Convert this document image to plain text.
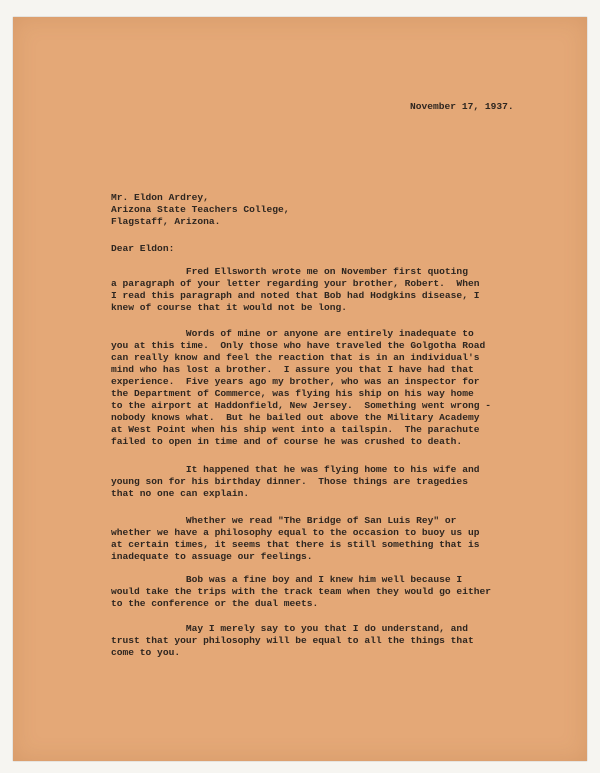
November 17, 1937.
Mr. Eldon Ardrey,
Arizona State Teachers College,
Flagstaff, Arizona.
Dear Eldon:
Fred Ellsworth wrote me on November first quoting
a paragraph of your letter regarding your brother, Robert.  When
I read this paragraph and noted that Bob had Hodgkins disease, I
knew of course that it would not be long.
Words of mine or anyone are entirely inadequate to
you at this time.  Only those who have traveled the Golgotha Road
can really know and feel the reaction that is in an individual's
mind who has lost a brother.  I assure you that I have had that
experience.  Five years ago my brother, who was an inspector for
the Department of Commerce, was flying his ship on his way home
to the airport at Haddonfield, New Jersey.  Something went wrong -
nobody knows what.  But he bailed out above the Military Academy
at West Point when his ship went into a tailspin.  The parachute
failed to open in time and of course he was crushed to death.
It happened that he was flying home to his wife and
young son for his birthday dinner.  Those things are tragedies
that no one can explain.
Whether we read "The Bridge of San Luis Rey" or
whether we have a philosophy equal to the occasion to buoy us up
at certain times, it seems that there is still something that is
inadequate to assuage our feelings.
Bob was a fine boy and I knew him well because I
would take the trips with the track team when they would go either
to the conference or the dual meets.
May I merely say to you that I do understand, and
trust that your philosophy will be equal to all the things that
come to you.
